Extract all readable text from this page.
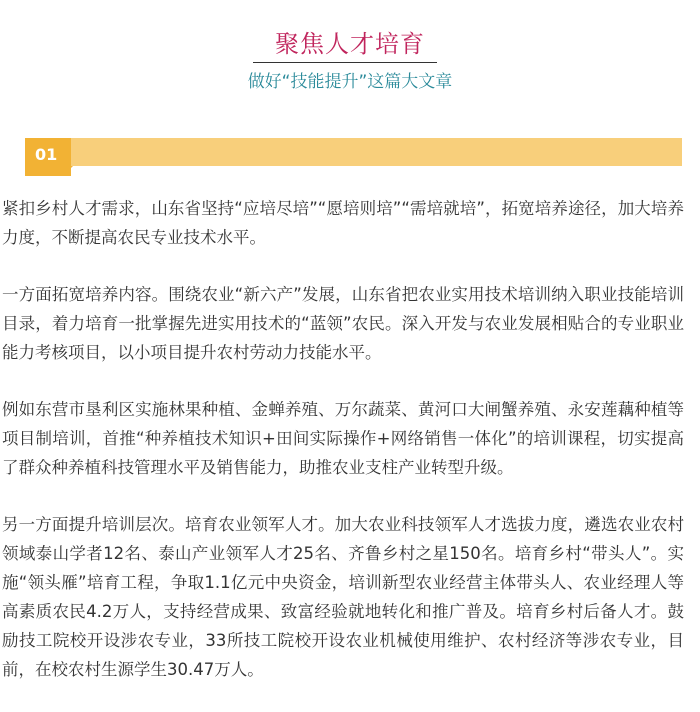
聚焦人才培育
做好“技能提升”这篇大文章
01

紧扣乡村人才需求，山东省坚持“应培尽培”“愿培则培”“需培就培”，拓宽培养途径，加大培养力度，不断提高农民专业技术水平。

一方面拓宽培养内容。围绕农业“新六产”发展，山东省把农业实用技术培训纳入职业技能培训目录，着力培育一批掌握先进实用技术的“蓝领”农民。深入开发与农业发展相贴合的专业职业能力考核项目，以小项目提升农村劳动力技能水平。

例如东营市垦利区实施林果种植、金蝉养殖、万尔蔬菜、黄河口大闸蟹养殖、永安莲藕种植等项目制培训，首推“种养植技术知识+田间实际操作+网络销售一体化”的培训课程，切实提高了群众种养植科技管理水平及销售能力，助推农业支柱产业转型升级。

另一方面提升培训层次。培育农业领军人才。加大农业科技领军人才选拔力度，遴选农业农村领域泰山学者12名、泰山产业领军人才25名、齐鲁乡村之星150名。培育乡村“带头人”。实施“领头雁”培育工程，争取1.1亿元中央资金，培训新型农业经营主体带头人、农业经理人等高素质农民4.2万人，支持经营成果、致富经验就地转化和推广普及。培育乡村后备人才。鼓励技工院校开设涉农专业，33所技工院校开设农业机械使用维护、农村经济等涉农专业，目前，在校农村生源学生30.47万人。
